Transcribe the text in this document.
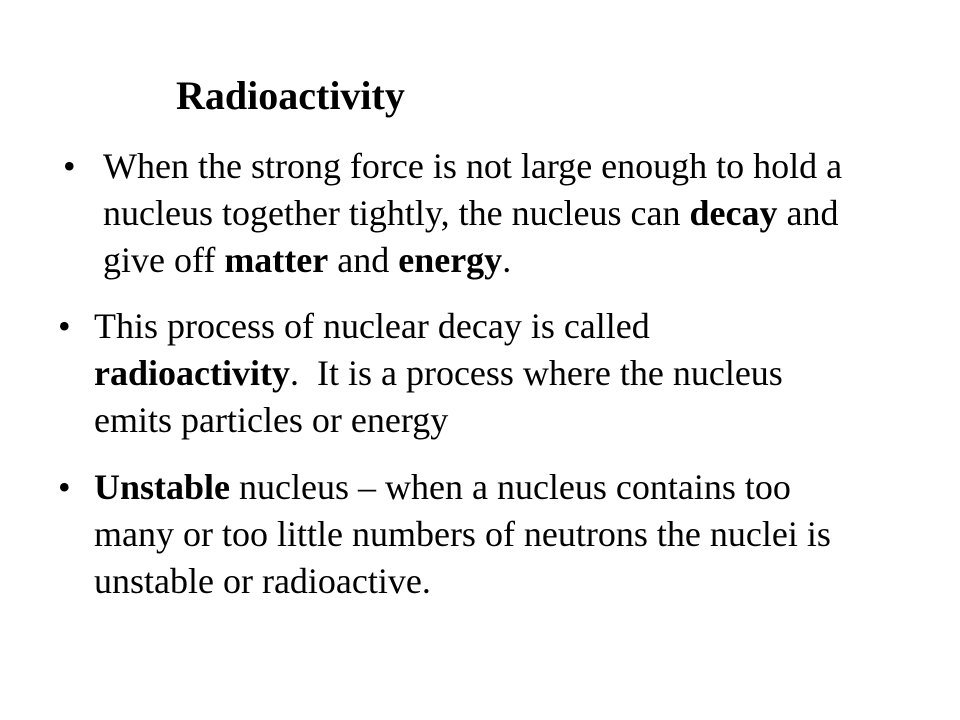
Radioactivity
• When the strong force is not large enough to hold a nucleus together tightly, the nucleus can decay and give off matter and energy.
• This process of nuclear decay is called radioactivity.  It is a process where the nucleus emits particles or energy
• Unstable nucleus – when a nucleus contains too many or too little numbers of neutrons the nuclei is unstable or radioactive.
